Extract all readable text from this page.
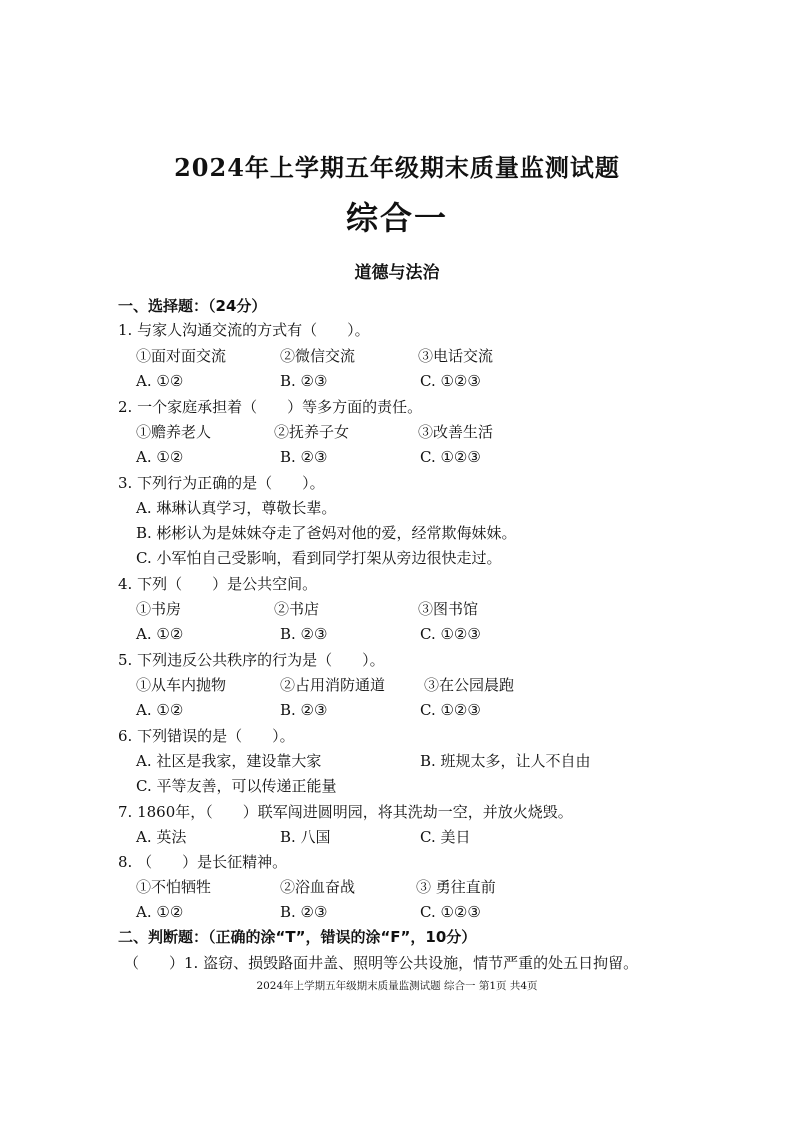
2024年上学期五年级期末质量监测试题
综合一
道德与法治
一、选择题：（24分）
1. 与家人沟通交流的方式有（　　）。
①面对面交流	②微信交流	③电话交流
A. ①②	B. ②③	C. ①②③
2. 一个家庭承担着（　　）等多方面的责任。
①赡养老人	②抚养子女	③改善生活
A. ①②	B. ②③	C. ①②③
3. 下列行为正确的是（　　）。
A. 琳琳认真学习，尊敬长辈。
B. 彬彬认为是妹妹夺走了爸妈对他的爱，经常欺侮妹妹。
C. 小军怕自己受影响，看到同学打架从旁边很快走过。
4. 下列（　　）是公共空间。
①书房	②书店	③图书馆
A. ①②	B. ②③	C. ①②③
5. 下列违反公共秩序的行为是（　　）。
①从车内抛物	②占用消防通道	③在公园晨跑
A. ①②	B. ②③	C. ①②③
6. 下列错误的是（　　）。
A. 社区是我家，建设靠大家	B. 班规太多，让人不自由
C. 平等友善，可以传递正能量
7. 1860年，（　　）联军闯进圆明园，将其洗劫一空，并放火烧毁。
A. 英法	B. 八国	C. 美日
8. （　　）是长征精神。
①不怕牺牲	②浴血奋战	③ 勇往直前
A. ①②	B. ②③	C. ①②③
二、判断题：（正确的涂“T”，错误的涂“F”，10分）
（　　）1. 盗窃、损毁路面井盖、照明等公共设施，情节严重的处五日拘留。
2024年上学期五年级期末质量监测试题 综合一 第1页 共4页
